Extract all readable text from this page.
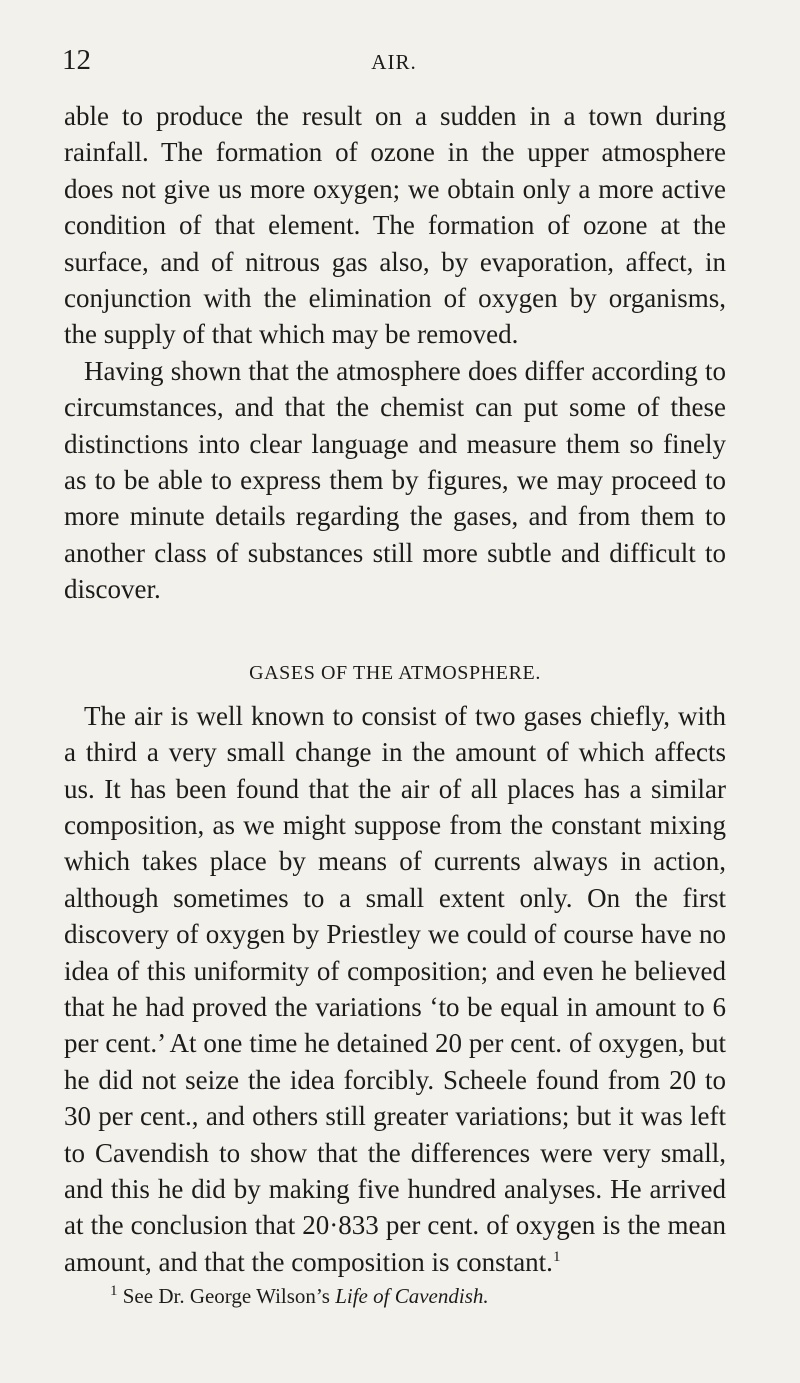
12	AIR.

able to produce the result on a sudden in a town during rainfall. The formation of ozone in the upper atmosphere does not give us more oxygen; we obtain only a more active condition of that element. The formation of ozone at the surface, and of nitrous gas also, by evaporation, affect, in conjunction with the elimination of oxygen by organisms, the supply of that which may be removed.

Having shown that the atmosphere does differ according to circumstances, and that the chemist can put some of these distinctions into clear language and measure them so finely as to be able to express them by figures, we may proceed to more minute details regarding the gases, and from them to another class of substances still more subtle and difficult to discover.

GASES OF THE ATMOSPHERE.

The air is well known to consist of two gases chiefly, with a third a very small change in the amount of which affects us. It has been found that the air of all places has a similar composition, as we might suppose from the constant mixing which takes place by means of currents always in action, although sometimes to a small extent only. On the first discovery of oxygen by Priestley we could of course have no idea of this uniformity of composition; and even he believed that he had proved the variations ‘to be equal in amount to 6 per cent.’ At one time he detained 20 per cent. of oxygen, but he did not seize the idea forcibly. Scheele found from 20 to 30 per cent., and others still greater variations; but it was left to Cavendish to show that the differences were very small, and this he did by making five hundred analyses. He arrived at the conclusion that 20·833 per cent. of oxygen is the mean amount, and that the composition is constant.$^1$

$^1$ See Dr. George Wilson’s Life of Cavendish.
